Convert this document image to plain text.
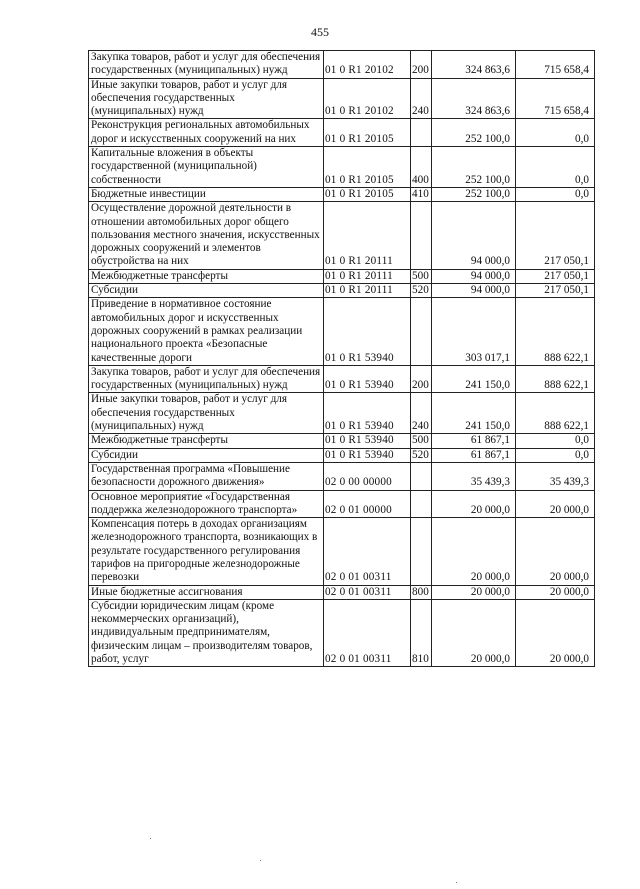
455
Закупка товаров, работ и услуг для обеспечения государственных (муниципальных) нужд	01 0 R1 20102	200	324 863,6	715 658,4
Иные закупки товаров, работ и услуг для обеспечения государственных (муниципальных) нужд	01 0 R1 20102	240	324 863,6	715 658,4
Реконструкция региональных автомобильных дорог и искусственных сооружений на них	01 0 R1 20105		252 100,0	0,0
Капитальные вложения в объекты государственной (муниципальной) собственности	01 0 R1 20105	400	252 100,0	0,0
Бюджетные инвестиции	01 0 R1 20105	410	252 100,0	0,0
Осуществление дорожной деятельности в отношении автомобильных дорог общего пользования местного значения, искусственных дорожных сооружений и элементов обустройства на них	01 0 R1 20111		94 000,0	217 050,1
Межбюджетные трансферты	01 0 R1 20111	500	94 000,0	217 050,1
Субсидии	01 0 R1 20111	520	94 000,0	217 050,1
Приведение в нормативное состояние автомобильных дорог и искусственных дорожных сооружений в рамках реализации национального проекта «Безопасные качественные дороги	01 0 R1 53940		303 017,1	888 622,1
Закупка товаров, работ и услуг для обеспечения государственных (муниципальных) нужд	01 0 R1 53940	200	241 150,0	888 622,1
Иные закупки товаров, работ и услуг для обеспечения государственных (муниципальных) нужд	01 0 R1 53940	240	241 150,0	888 622,1
Межбюджетные трансферты	01 0 R1 53940	500	61 867,1	0,0
Субсидии	01 0 R1 53940	520	61 867,1	0,0
Государственная программа «Повышение безопасности дорожного движения»	02 0 00 00000		35 439,3	35 439,3
Основное мероприятие «Государственная поддержка железнодорожного транспорта»	02 0 01 00000		20 000,0	20 000,0
Компенсация потерь в доходах организациям железнодорожного транспорта, возникающих в результате государственного регулирования тарифов на пригородные железнодорожные перевозки	02 0 01 00311		20 000,0	20 000,0
Иные бюджетные ассигнования	02 0 01 00311	800	20 000,0	20 000,0
Субсидии юридическим лицам (кроме некоммерческих организаций), индивидуальным предпринимателям, физическим лицам – производителям товаров, работ, услуг	02 0 01 00311	810	20 000,0	20 000,0
